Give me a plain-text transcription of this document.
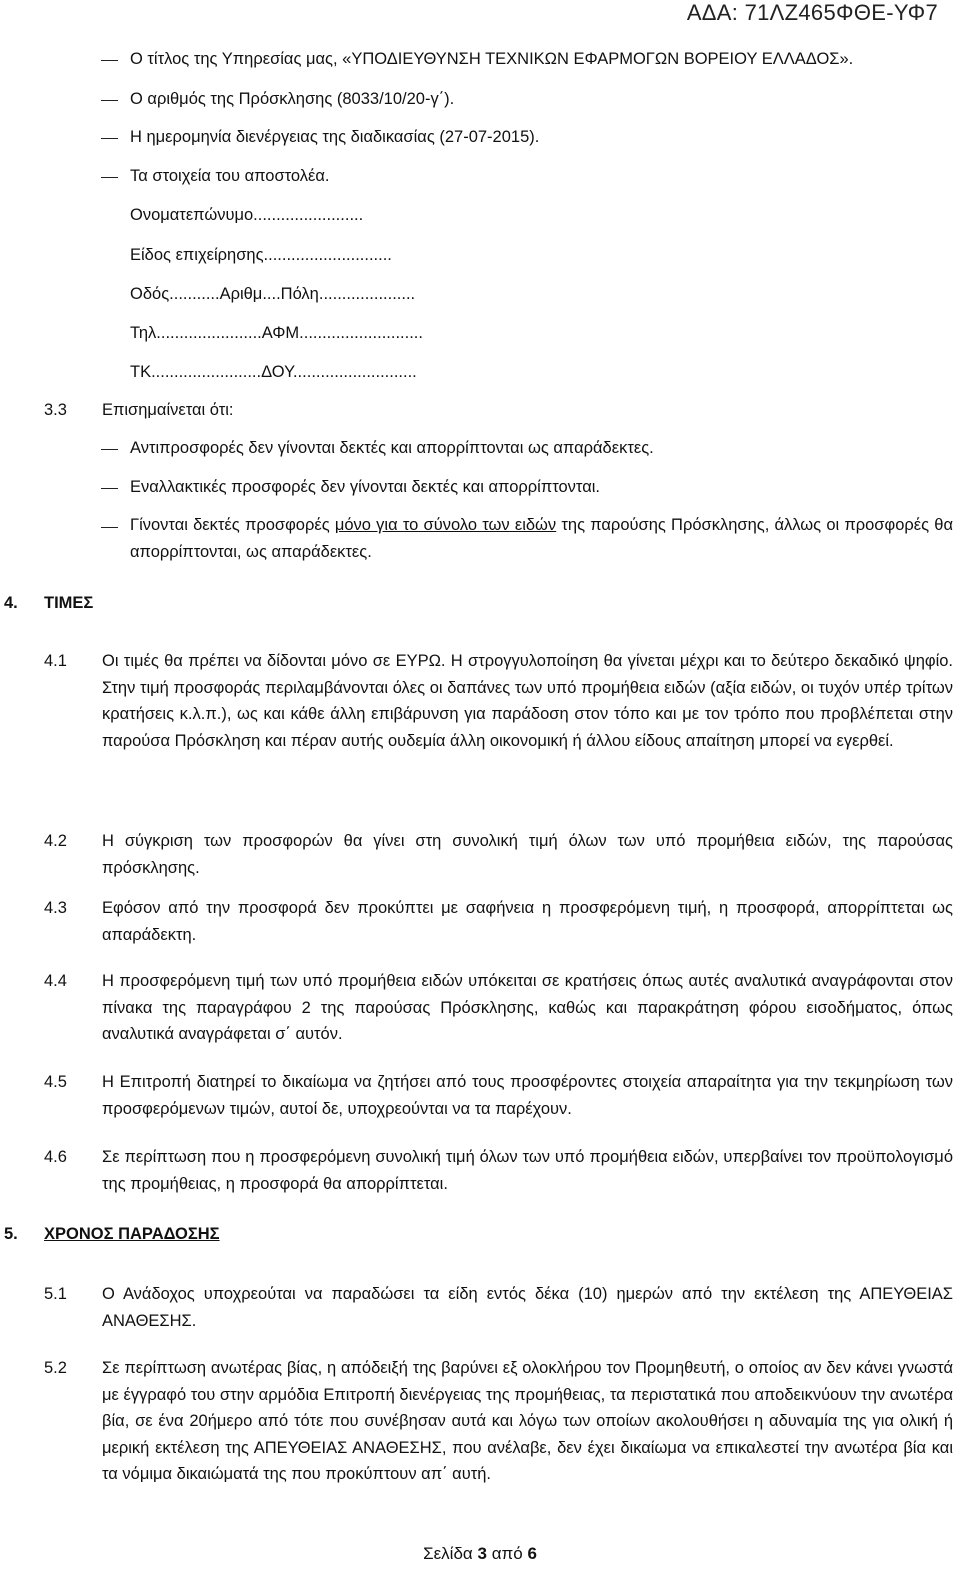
ΑΔΑ: 71ΛΖ465ΦΘΕ-ΥΦ7
Ο τίτλος της Υπηρεσίας μας, «ΥΠΟΔΙΕΥΘΥΝΣΗ ΤΕΧΝΙΚΩΝ ΕΦΑΡΜΟΓΩΝ ΒΟΡΕΙΟΥ ΕΛΛΑΔΟΣ».
Ο αριθμός της Πρόσκλησης (8033/10/20-γ΄).
Η ημερομηνία διενέργειας της διαδικασίας (27-07-2015).
Τα στοιχεία του αποστολέα.
Ονοματεπώνυμο........................
Είδος επιχείρησης............................
Οδός...........Αριθμ....Πόλη.....................
Τηλ.......................ΑΦΜ...........................
ΤΚ........................ΔΟΥ...........................
3.3 Επισημαίνεται ότι:
Αντιπροσφορές δεν γίνονται δεκτές και απορρίπτονται ως απαράδεκτες.
Εναλλακτικές προσφορές δεν γίνονται δεκτές και απορρίπτονται.
Γίνονται δεκτές προσφορές μόνο για το σύνολο των ειδών της παρούσης Πρόσκλησης, άλλως οι προσφορές θα απορρίπτονται, ως απαράδεκτες.
4. ΤΙΜΕΣ
4.1 Οι τιμές θα πρέπει να δίδονται μόνο σε ΕΥΡΩ. Η στρογγυλοποίηση θα γίνεται μέχρι και το δεύτερο δεκαδικό ψηφίο. Στην τιμή προσφοράς περιλαμβάνονται όλες οι δαπάνες των υπό προμήθεια ειδών (αξία ειδών, οι τυχόν υπέρ τρίτων κρατήσεις κ.λ.π.), ως και κάθε άλλη επιβάρυνση για παράδοση στον τόπο και με τον τρόπο που προβλέπεται στην παρούσα Πρόσκληση και πέραν αυτής ουδεμία άλλη οικονομική ή άλλου είδους απαίτηση μπορεί να εγερθεί.
4.2 Η σύγκριση των προσφορών θα γίνει στη συνολική τιμή όλων των υπό προμήθεια ειδών, της παρούσας πρόσκλησης.
4.3 Εφόσον από την προσφορά δεν προκύπτει με σαφήνεια η προσφερόμενη τιμή, η προσφορά, απορρίπτεται ως απαράδεκτη.
4.4 Η προσφερόμενη τιμή των υπό προμήθεια ειδών υπόκειται σε κρατήσεις όπως αυτές αναλυτικά αναγράφονται στον πίνακα της παραγράφου 2 της παρούσας Πρόσκλησης, καθώς και παρακράτηση φόρου εισοδήματος, όπως αναλυτικά αναγράφεται σ΄ αυτόν.
4.5 Η Επιτροπή διατηρεί το δικαίωμα να ζητήσει από τους προσφέροντες στοιχεία απαραίτητα για την τεκμηρίωση των προσφερόμενων τιμών, αυτοί δε, υποχρεούνται να τα παρέχουν.
4.6 Σε περίπτωση που η προσφερόμενη συνολική τιμή όλων των υπό προμήθεια ειδών, υπερβαίνει τον προϋπολογισμό της προμήθειας, η προσφορά θα απορρίπτεται.
5. ΧΡΟΝΟΣ ΠΑΡΑΔΟΣΗΣ
5.1 Ο Ανάδοχος υποχρεούται να παραδώσει τα είδη εντός δέκα (10) ημερών από την εκτέλεση της ΑΠΕΥΘΕΙΑΣ ΑΝΑΘΕΣΗΣ.
5.2 Σε περίπτωση ανωτέρας βίας, η απόδειξή της βαρύνει εξ ολοκλήρου τον Προμηθευτή, ο οποίος αν δεν κάνει γνωστά με έγγραφό του στην αρμόδια Επιτροπή διενέργειας της προμήθειας, τα περιστατικά που αποδεικνύουν την ανωτέρα βία, σε ένα 20ήμερο από τότε που συνέβησαν αυτά και λόγω των οποίων ακολουθήσει η αδυναμία της για ολική ή μερική εκτέλεση της ΑΠΕΥΘΕΙΑΣ ΑΝΑΘΕΣΗΣ, που ανέλαβε, δεν έχει δικαίωμα να επικαλεστεί την ανωτέρα βία και τα νόμιμα δικαιώματά της που προκύπτουν απ΄ αυτή.
Σελίδα 3 από 6
